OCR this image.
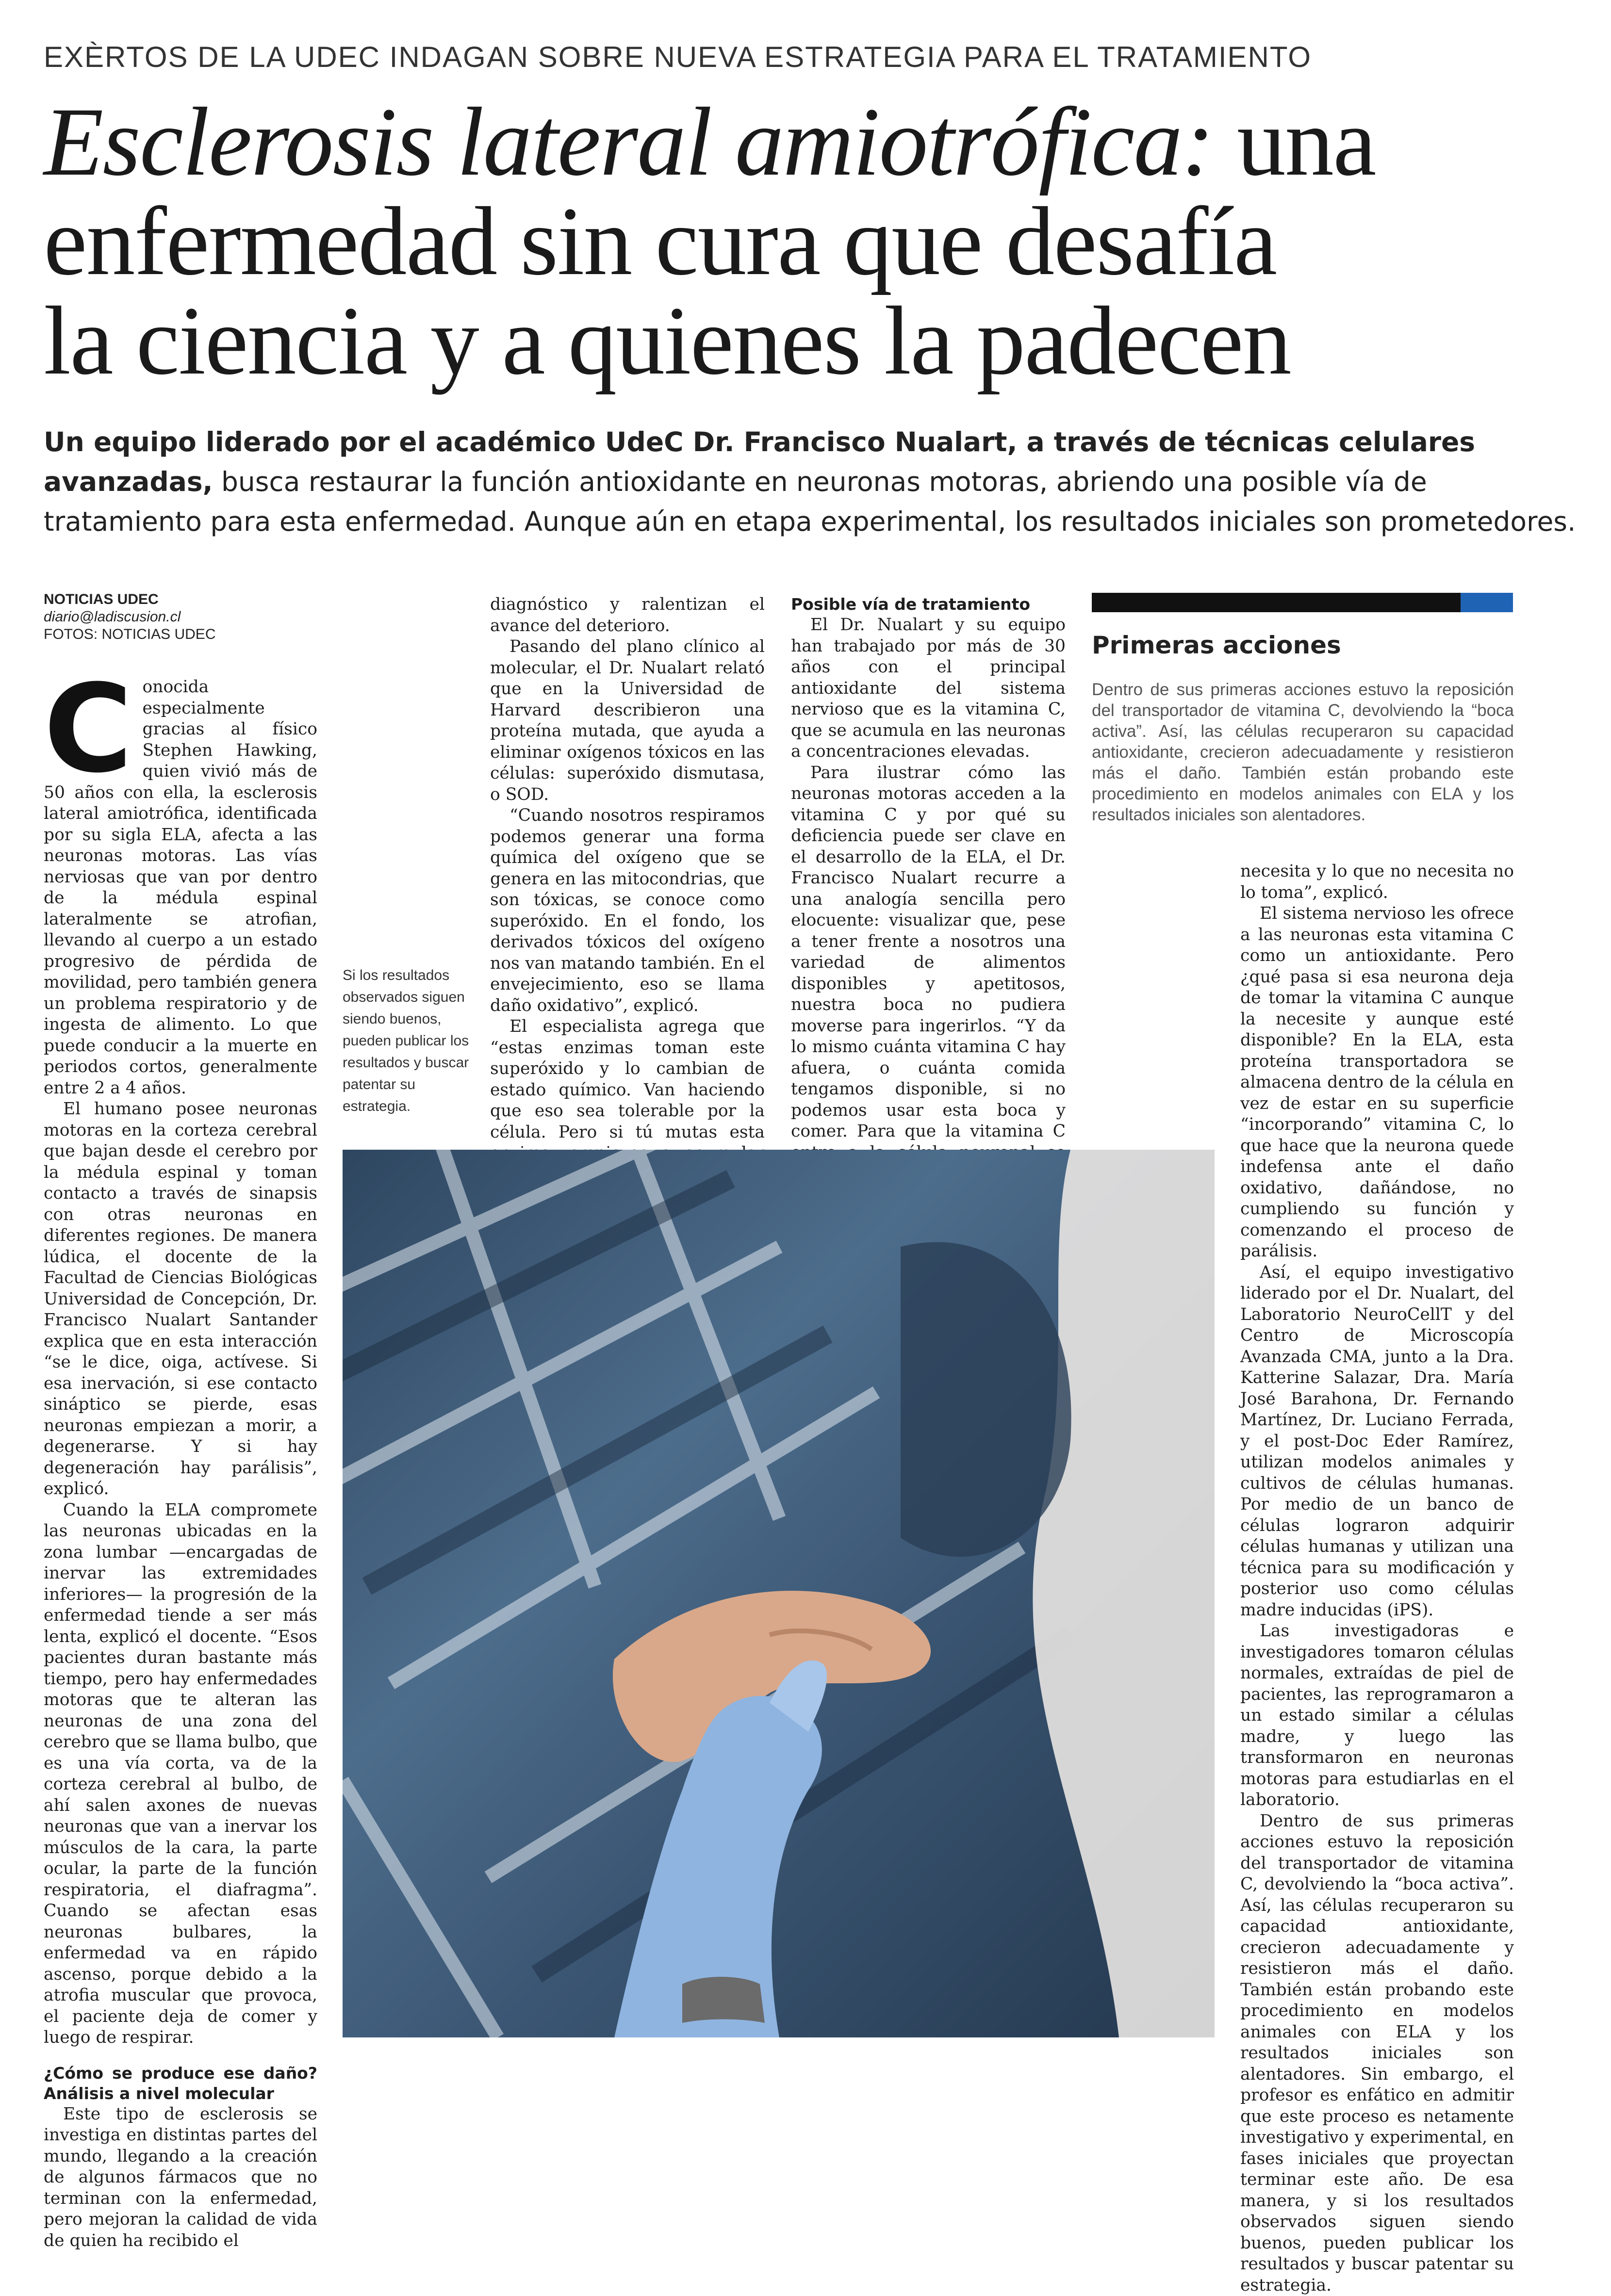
EXÈRTOS DE LA UDEC INDAGAN SOBRE NUEVA ESTRATEGIA PARA EL TRATAMIENTO
Esclerosis lateral amiotrófica: una
enfermedad sin cura que desafía
la ciencia y a quienes la padecen
Un equipo liderado por el académico UdeC Dr. Francisco Nualart, a través de técnicas celulares avanzadas, busca restaurar la función antioxidante en neuronas motoras, abriendo una posible vía de tratamiento para esta enfermedad. Aunque aún en etapa experimental, los resultados iniciales son prometedores.
NOTICIAS UDEC
diario@ladiscusion.cl
FOTOS: NOTICIAS UDEC
C onocida especialmente gracias al físico Stephen Hawking, quien vivió más de 50 años con ella, la esclerosis lateral amiotrófica, identificada por su sigla ELA, afecta a las neuronas motoras. Las vías nerviosas que van por dentro de la médula espinal lateralmente se atrofian, llevando al cuerpo a un estado progresivo de pérdida de movilidad, pero también genera un problema respiratorio y de ingesta de alimento. Lo que puede conducir a la muerte en periodos cortos, generalmente entre 2 a 4 años.

El humano posee neuronas motoras en la corteza cerebral que bajan desde el cerebro por la médula espinal y toman contacto a través de sinapsis con otras neuronas en diferentes regiones. De manera lúdica, el docente de la Facultad de Ciencias Biológicas Universidad de Concepción, Dr. Francisco Nualart Santander explica que en esta interacción “se le dice, oiga, actívese. Si esa inervación, si ese contacto sináptico se pierde, esas neuronas empiezan a morir, a degenerarse. Y si hay degeneración hay parálisis”, explicó.

Cuando la ELA compromete las neuronas ubicadas en la zona lumbar —encargadas de inervar las extremidades inferiores— la progresión de la enfermedad tiende a ser más lenta, explicó el docente. “Esos pacientes duran bastante más tiempo, pero hay enfermedades motoras que te alteran las neuronas de una zona del cerebro que se llama bulbo, que es una vía corta, va de la corteza cerebral al bulbo, de ahí salen axones de nuevas neuronas que van a inervar los músculos de la cara, la parte ocular, la parte de la función respiratoria, el diafragma”. Cuando se afectan esas neuronas bulbares, la enfermedad va en rápido ascenso, porque debido a la atrofia muscular que provoca, el paciente deja de comer y luego de respirar.

¿Cómo se produce ese daño? Análisis a nivel molecular

Este tipo de esclerosis se investiga en distintas partes del mundo, llegando a la creación de algunos fármacos que no terminan con la enfermedad, pero mejoran la calidad de vida de quien ha recibido el

Si los resultados observados siguen siendo buenos, pueden publicar los resultados y buscar patentar su estrategia.

diagnóstico y ralentizan el avance del deterioro.

Pasando del plano clínico al molecular, el Dr. Nualart relató que en la Universidad de Harvard describieron una proteína mutada, que ayuda a eliminar oxígenos tóxicos en las células: superóxido dismutasa, o SOD.

“Cuando nosotros respiramos podemos generar una forma química del oxígeno que se genera en las mitocondrias, que son tóxicas, se conoce como superóxido. En el fondo, los derivados tóxicos del oxígeno nos van matando también. En el envejecimiento, eso se llama daño oxidativo”, explicó.

El especialista agrega que “estas enzimas toman este superóxido y lo cambian de estado químico. Van haciendo que eso sea tolerable por la célula. Pero si tú mutas esta

Posible vía de tratamiento

El Dr. Nualart y su equipo han trabajado por más de 30 años con el principal antioxidante del sistema nervioso que es la vitamina C, que se acumula en las neuronas a concentraciones elevadas.

Para ilustrar cómo las neuronas motoras acceden a la vitamina C y por qué su deficiencia puede ser clave en el desarrollo de la ELA, el Dr. Francisco Nualart recurre a una analogía sencilla pero elocuente: visualizar que, pese a tener frente a nosotros una variedad de alimentos disponibles y apetitosos, nuestra boca no pudiera moverse para ingerirlos. “Y da lo mismo cuánta vitamina C hay afuera, o cuánta comida tengamos disponible, si no podemos usar esta boca y comer. Para que la vitamina C

Primeras acciones
Dentro de sus primeras acciones estuvo la reposición del transportador de vitamina C, devolviendo la “boca activa”. Así, las células recuperaron su capacidad antioxidante, crecieron adecuadamente y resistieron más el daño. También están probando este procedimiento en modelos animales con ELA y los resultados iniciales son alentadores.

necesita y lo que no necesita no lo toma”, explicó.

El sistema nervioso les ofrece a las neuronas esta vitamina C como un antioxidante. Pero ¿qué pasa si esa neurona deja de tomar la vitamina C aunque la necesite y aunque esté disponible? En la ELA, esta proteína transportadora se almacena dentro de la célula en vez de estar en su superficie “incorporando” vitamina C, lo que hace que la neurona quede indefensa ante el daño oxidativo, dañándose, no cumpliendo su función y comenzando el proceso de parálisis.

Así, el equipo investigativo liderado por el Dr. Nualart, del Laboratorio NeuroCellT y del Centro de Microscopía Avanzada CMA, junto a la Dra. Katterine Salazar, Dra. María José Barahona, Dr. Fernando Martínez, Dr. Luciano Ferrada, y el post-Doc Eder Ramírez, utilizan modelos animales y cultivos de células humanas. Por medio de un banco de células lograron adquirir células humanas y utilizan una técnica para su modificación y posterior uso como células madre inducidas (iPS).

Las investigadoras e investigadores tomaron células normales, extraídas de piel de pacientes, las reprogramaron a un estado similar a células madre, y luego las transformaron en neuronas motoras para estudiarlas en el laboratorio.

Dentro de sus primeras acciones estuvo la reposición del transportador de vitamina C, devolviendo la “boca activa”. Así, las células recuperaron su capacidad antioxidante, crecieron adecuadamente y resistieron más el daño. También están probando este procedimiento en modelos animales con ELA y los resultados iniciales son alentadores. Sin embargo, el profesor es enfático en admitir que este proceso es netamente investigativo y experimental, en fases iniciales que proyectan terminar este año. De esa manera, y si los resultados observados siguen siendo buenos, pueden publicar los resultados y buscar patentar su estrategia.
